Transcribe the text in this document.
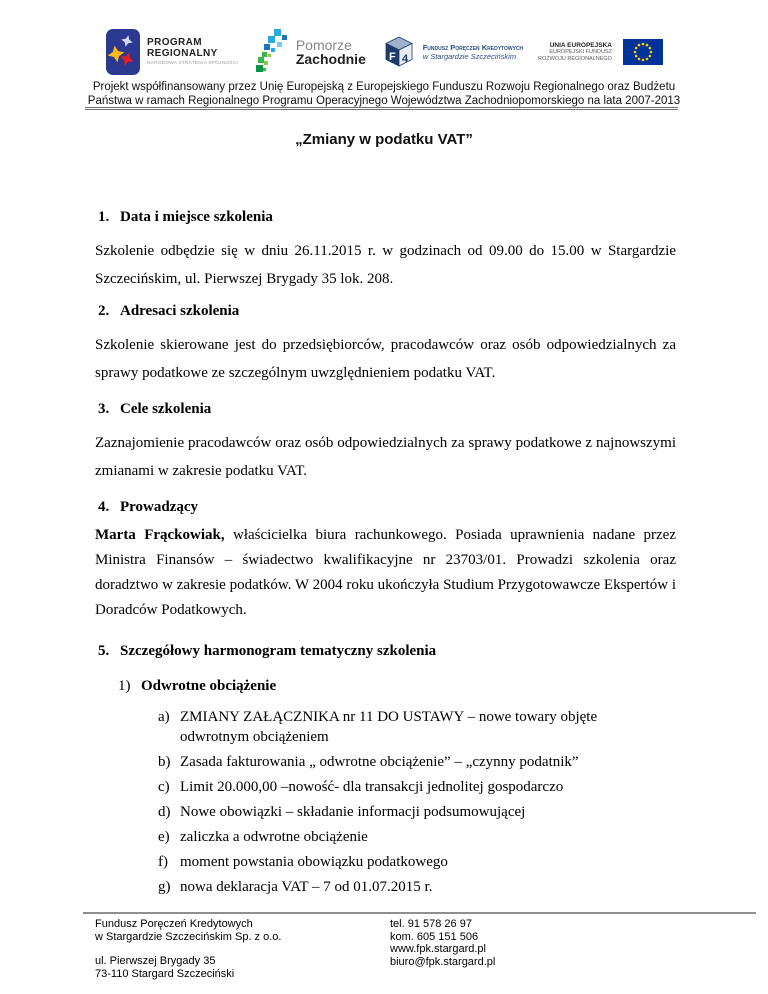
PROGRAM REGIONALNY
NARODOWA STRATEGIA SPÓJNOŚCI
Pomorze
Zachodnie F 4
Fundusz Poręczeń Kredytowych
w Stargardzie Szczecińskim
UNIA EUROPEJSKA
EUROPEJSKI FUNDUSZ
ROZWOJU REGIONALNEGO
Projekt współfinansowany przez Unię Europejską z Europejskiego Funduszu Rozwoju Regionalnego oraz Budżetu Państwa w ramach Regionalnego Programu Operacyjnego Województwa Zachodniopomorskiego na lata 2007-2013
„Zmiany w podatku VAT”
1. Data i miejsce szkolenia

Szkolenie odbędzie się w dniu 26.11.2015 r. w godzinach od 09.00 do 15.00 w Stargardzie Szczecińskim, ul. Pierwszej Brygady 35 lok. 208.

2. Adresaci szkolenia

Szkolenie skierowane jest do przedsiębiorców, pracodawców oraz osób odpowiedzialnych za sprawy podatkowe ze szczególnym uwzględnieniem podatku VAT.

3. Cele szkolenia

Zaznajomienie pracodawców oraz osób odpowiedzialnych za sprawy podatkowe z najnowszymi zmianami w zakresie podatku VAT.

4. Prowadzący

Marta Frąckowiak, właścicielka biura rachunkowego. Posiada uprawnienia nadane przez Ministra Finansów – świadectwo kwalifikacyjne nr 23703/01. Prowadzi szkolenia oraz doradztwo w zakresie podatków. W 2004 roku ukończyła Studium Przygotowawcze Ekspertów i Doradców Podatkowych.

5. Szczegółowy harmonogram tematyczny szkolenia
1) Odwrotne obciążenie
a) ZMIANY ZAŁĄCZNIKA nr 11 DO USTAWY – nowe towary objęte odwrotnym obciążeniem
b) Zasada fakturowania „ odwrotne obciążenie” – „czynny podatnik”
c) Limit 20.000,00 –nowość- dla transakcji jednolitej gospodarczo
d) Nowe obowiązki – składanie informacji podsumowującej
e) zaliczka a odwrotne obciążenie
f) moment powstania obowiązku podatkowego
g) nowa deklaracja VAT – 7 od 01.07.2015 r.
Fundusz Poręczeń Kredytowych
w Stargardzie Szczecińskim Sp. z o.o.
ul. Pierwszej Brygady 35
73-110 Stargard Szczeciński
tel. 91 578 26 97
kom. 605 151 506
www.fpk.stargard.pl
biuro@fpk.stargard.pl
